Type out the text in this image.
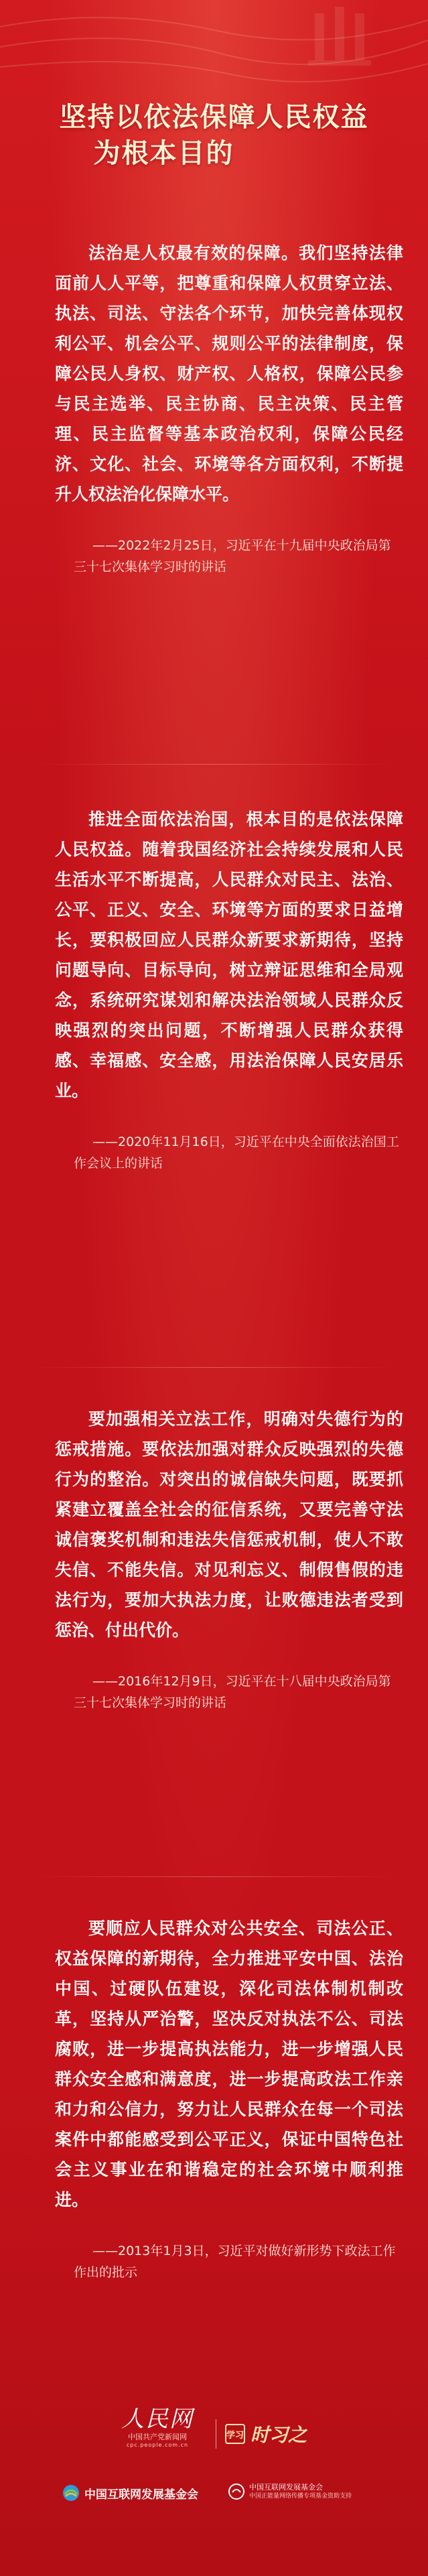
坚持以依法保障人民权益
为根本目的

法治是人权最有效的保障。我们坚持法律面前人人平等，把尊重和保障人权贯穿立法、执法、司法、守法各个环节，加快完善体现权利公平、机会公平、规则公平的法律制度，保障公民人身权、财产权、人格权，保障公民参与民主选举、民主协商、民主决策、民主管理、民主监督等基本政治权利，保障公民经济、文化、社会、环境等各方面权利，不断提升人权法治化保障水平。

——2022年2月25日，习近平在十九届中央政治局第三十七次集体学习时的讲话

推进全面依法治国，根本目的是依法保障人民权益。随着我国经济社会持续发展和人民生活水平不断提高，人民群众对民主、法治、公平、正义、安全、环境等方面的要求日益增长，要积极回应人民群众新要求新期待，坚持问题导向、目标导向，树立辩证思维和全局观念，系统研究谋划和解决法治领域人民群众反映强烈的突出问题，不断增强人民群众获得感、幸福感、安全感，用法治保障人民安居乐业。

——2020年11月16日，习近平在中央全面依法治国工作会议上的讲话

要加强相关立法工作，明确对失德行为的惩戒措施。要依法加强对群众反映强烈的失德行为的整治。对突出的诚信缺失问题，既要抓紧建立覆盖全社会的征信系统，又要完善守法诚信褒奖机制和违法失信惩戒机制，使人不敢失信、不能失信。对见利忘义、制假售假的违法行为，要加大执法力度，让败德违法者受到惩治、付出代价。

——2016年12月9日，习近平在十八届中央政治局第三十七次集体学习时的讲话

要顺应人民群众对公共安全、司法公正、权益保障的新期待，全力推进平安中国、法治中国、过硬队伍建设，深化司法体制机制改革，坚持从严治警，坚决反对执法不公、司法腐败，进一步提高执法能力，进一步增强人民群众安全感和满意度，进一步提高政法工作亲和力和公信力，努力让人民群众在每一个司法案件中都能感受到公平正义，保证中国特色社会主义事业在和谐稳定的社会环境中顺利推进。

——2013年1月3日，习近平对做好新形势下政法工作作出的批示

人民网
中国共产党新闻网
cpc.people.com.cn
学习 时习之
中国互联网发展基金会
中国互联网发展基金会
中国正能量网络传播专项基金资助支持
